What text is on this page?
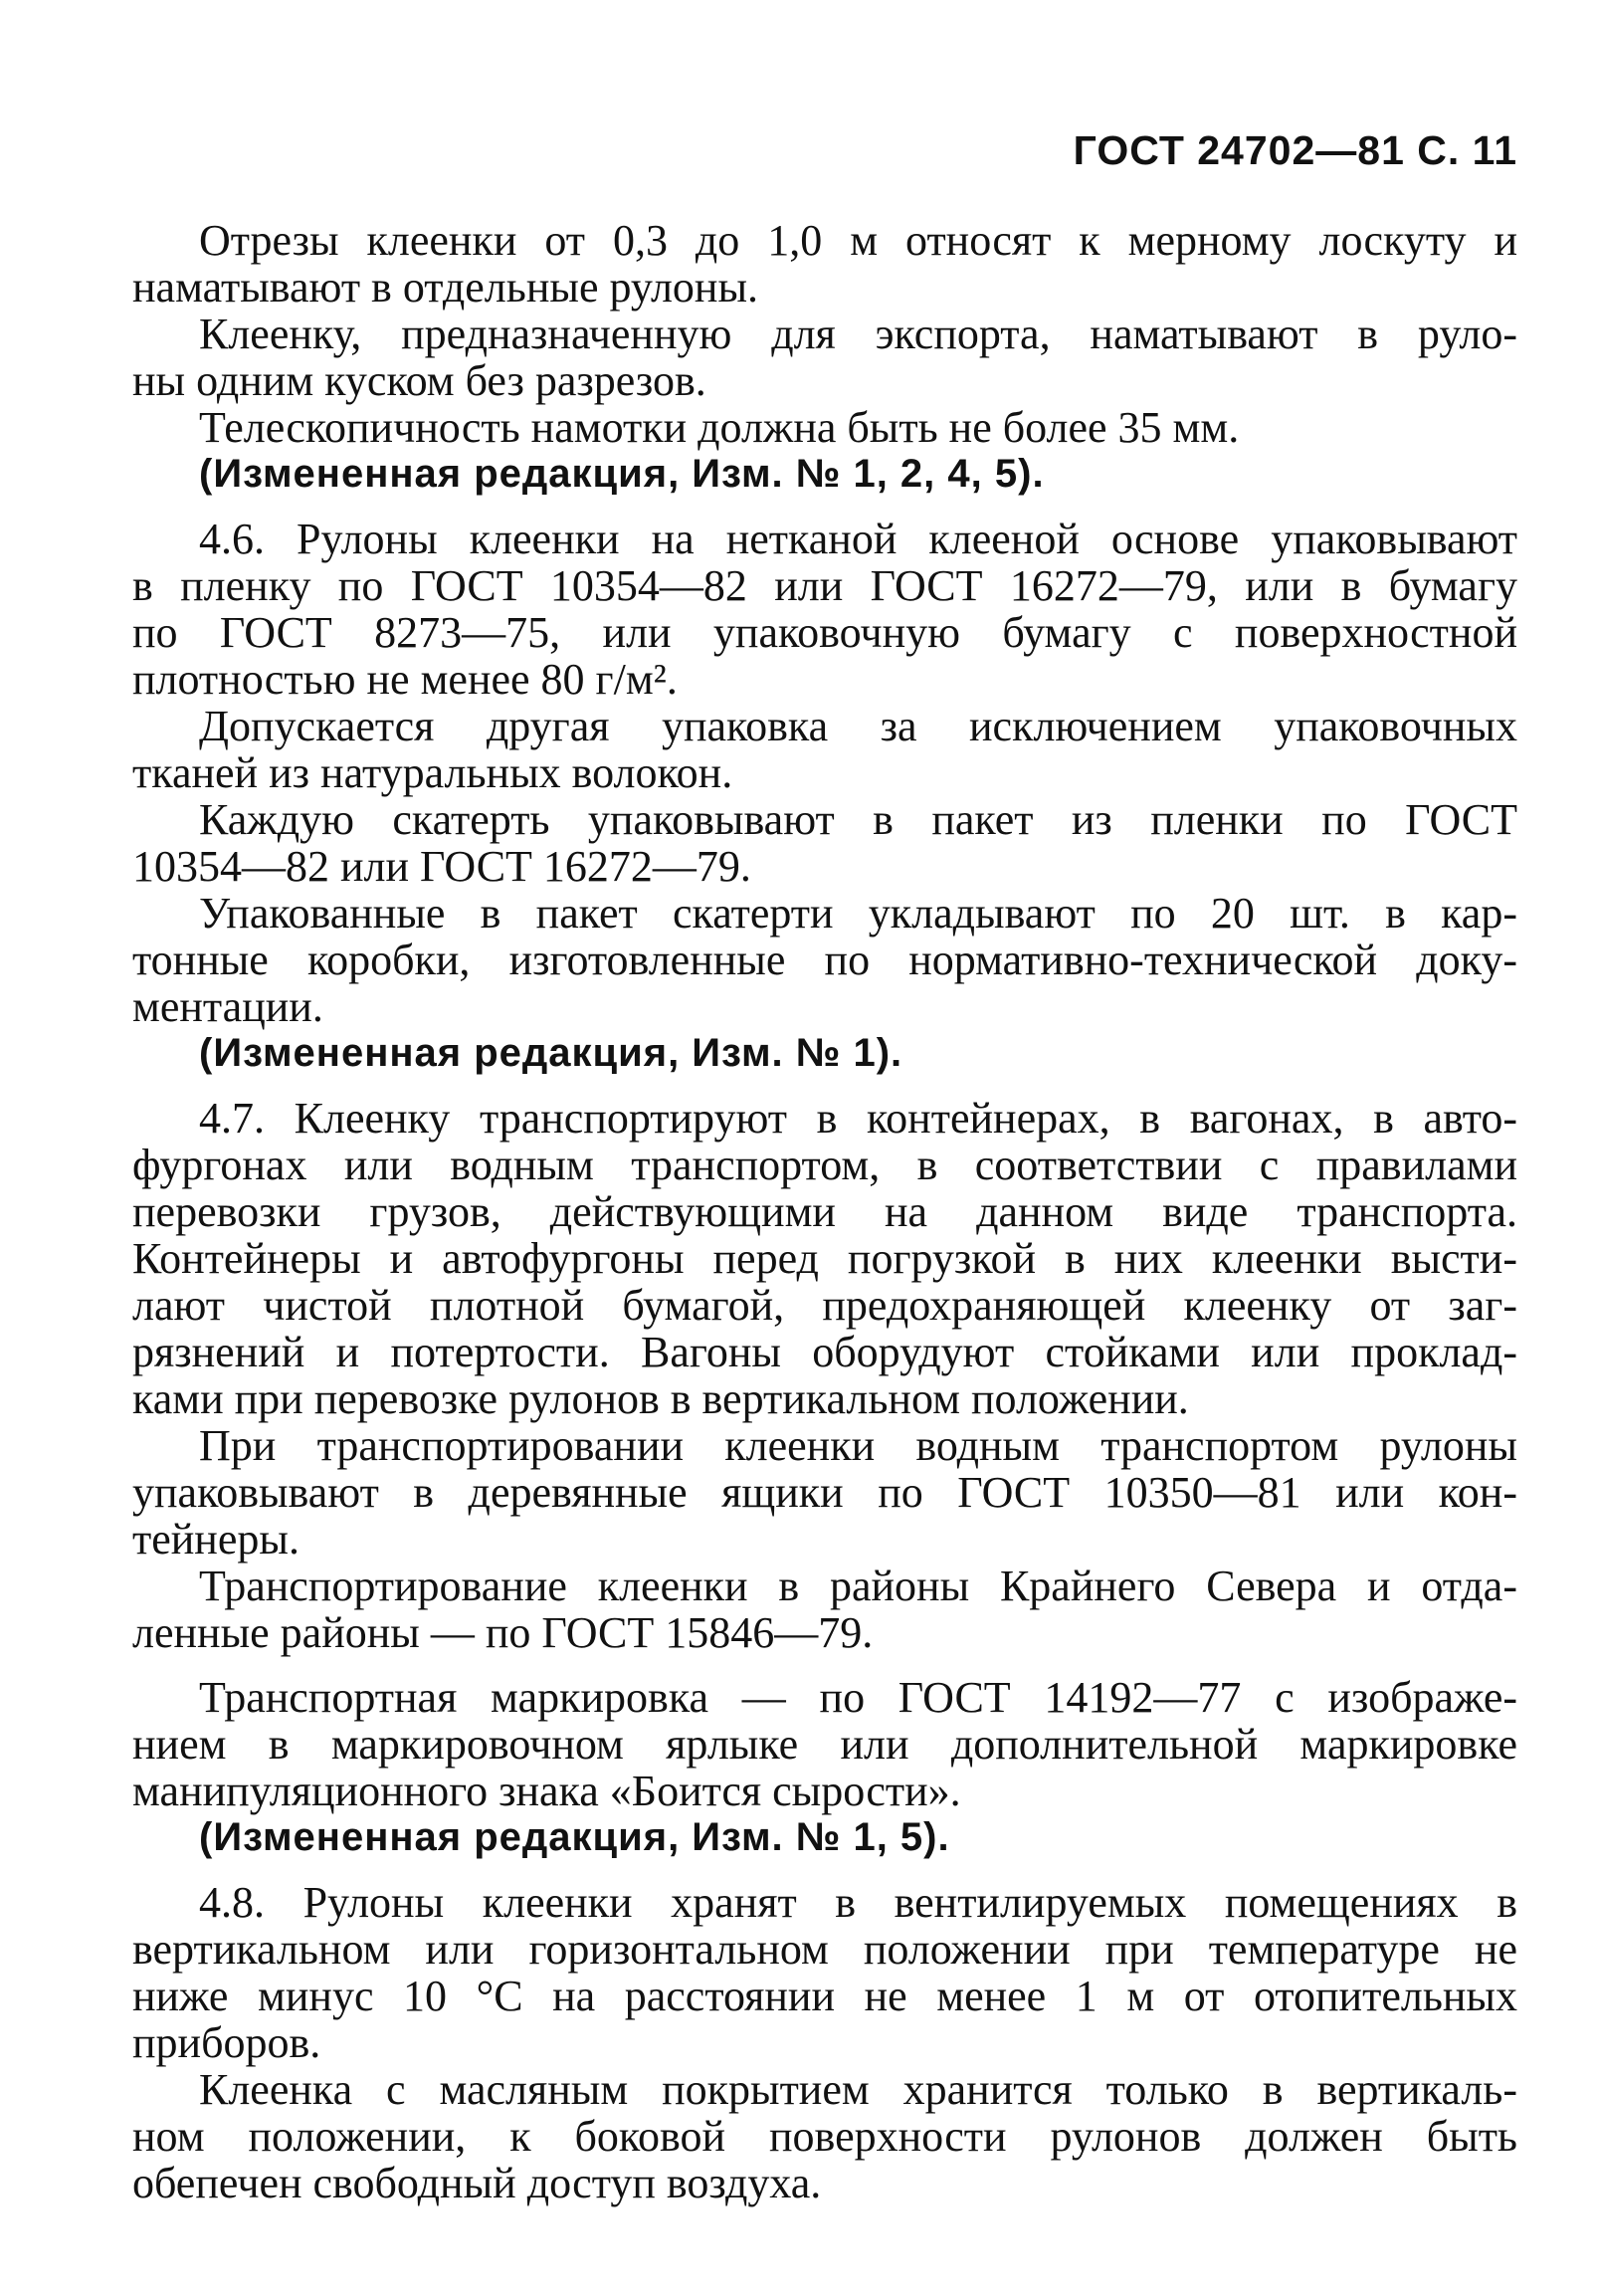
ГОСТ 24702—81 С. 11
Отрезы клеенки от 0,3 до 1,0 м относят к мерному лоскуту и
наматывают в отдельные рулоны.
Клеенку, предназначенную для экспорта, наматывают в руло-
ны одним куском без разрезов.
Телескопичность намотки должна быть не более 35 мм.
(Измененная редакция, Изм. № 1, 2, 4, 5).
4.6. Рулоны клеенки на нетканой клееной основе упаковывают
в пленку по ГОСТ 10354—82 или ГОСТ 16272—79, или в бумагу
по ГОСТ 8273—75, или упаковочную бумагу с поверхностной
плотностью не менее 80 г/м².
Допускается другая упаковка за исключением упаковочных
тканей из натуральных волокон.
Каждую скатерть упаковывают в пакет из пленки по ГОСТ
10354—82 или ГОСТ 16272—79.
Упакованные в пакет скатерти укладывают по 20 шт. в кар-
тонные коробки, изготовленные по нормативно-технической доку-
ментации.
(Измененная редакция, Изм. № 1).
4.7. Клеенку транспортируют в контейнерах, в вагонах, в авто-
фургонах или водным транспортом, в соответствии с правилами
перевозки грузов, действующими на данном виде транспорта.
Контейнеры и автофургоны перед погрузкой в них клеенки высти-
лают чистой плотной бумагой, предохраняющей клеенку от заг-
рязнений и потертости. Вагоны оборудуют стойками или проклад-
ками при перевозке рулонов в вертикальном положении.
При транспортировании клеенки водным транспортом рулоны
упаковывают в деревянные ящики по ГОСТ 10350—81 или кон-
тейнеры.
Транспортирование клеенки в районы Крайнего Севера и отда-
ленные районы — по ГОСТ 15846—79.
Транспортная маркировка — по ГОСТ 14192—77 с изображе-
нием в маркировочном ярлыке или дополнительной маркировке
манипуляционного знака «Боится сырости».
(Измененная редакция, Изм. № 1, 5).
4.8. Рулоны клеенки хранят в вентилируемых помещениях в
вертикальном или горизонтальном положении при температуре не
ниже минус 10 °С на расстоянии не менее 1 м от отопительных
приборов.
Клеенка с масляным покрытием хранится только в вертикаль-
ном положении, к боковой поверхности рулонов должен быть
обепечен свободный доступ воздуха.
